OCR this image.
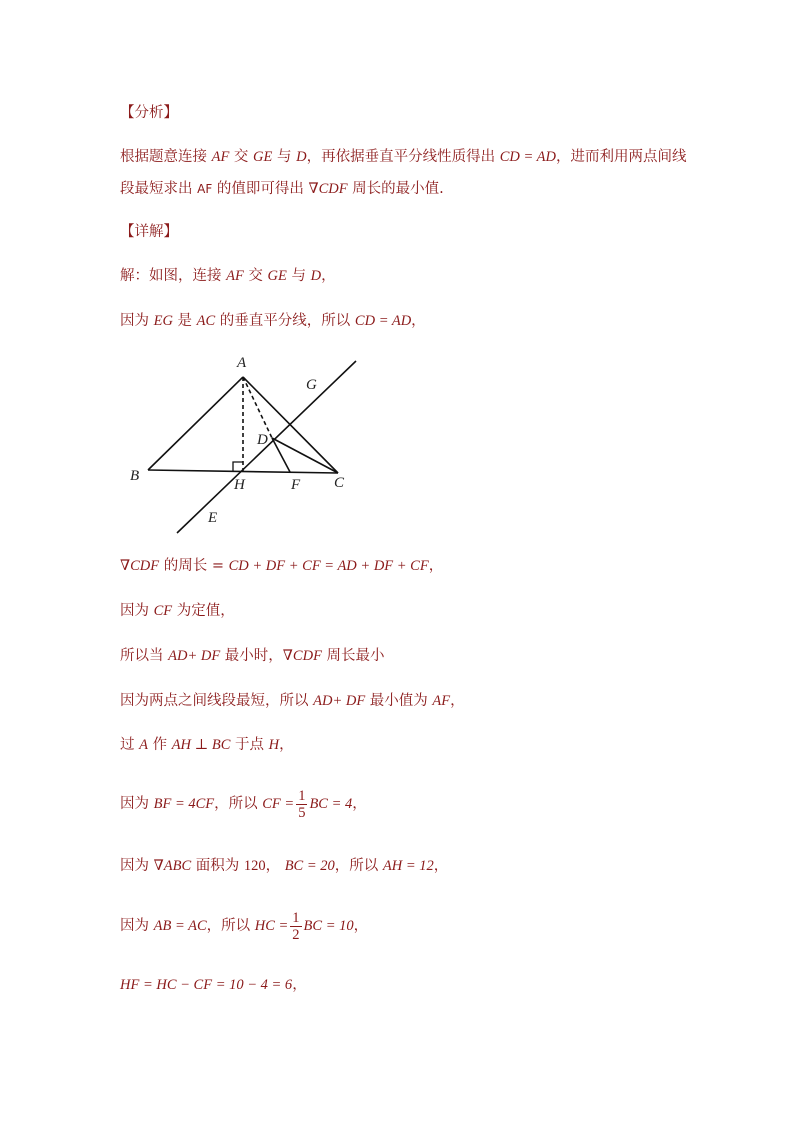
【分析】
根据题意连接 AF 交 GE 与 D，再依据垂直平分线性质得出 CD = AD，进而利用两点间线
段最短求出 AF 的值即可得出 ∇CDF 周长的最小值.
【详解】
解：如图，连接 AF 交 GE 与 D，
因为 EG 是 AC 的垂直平分线，所以 CD = AD，
A
G
D
B
H	F C
E
∇CDF 的周长 = CD + DF + CF = AD + DF + CF，
因为 CF 为定值，
所以当 AD+ DF 最小时，∇CDF 周长最小
因为两点之间线段最短，所以 AD+ DF 最小值为 AF，
过 A 作 AH ⊥ BC 于点 H，
因为 BF = 4CF，所以 CF = $\frac{1}{5}$ BC = 4，
因为 ∇ABC 面积为 120， BC = 20，所以 AH = 12，
因为 AB = AC，所以 HC = $\frac{1}{2}$ BC = 10，
HF = HC − CF = 10 − 4 = 6，
